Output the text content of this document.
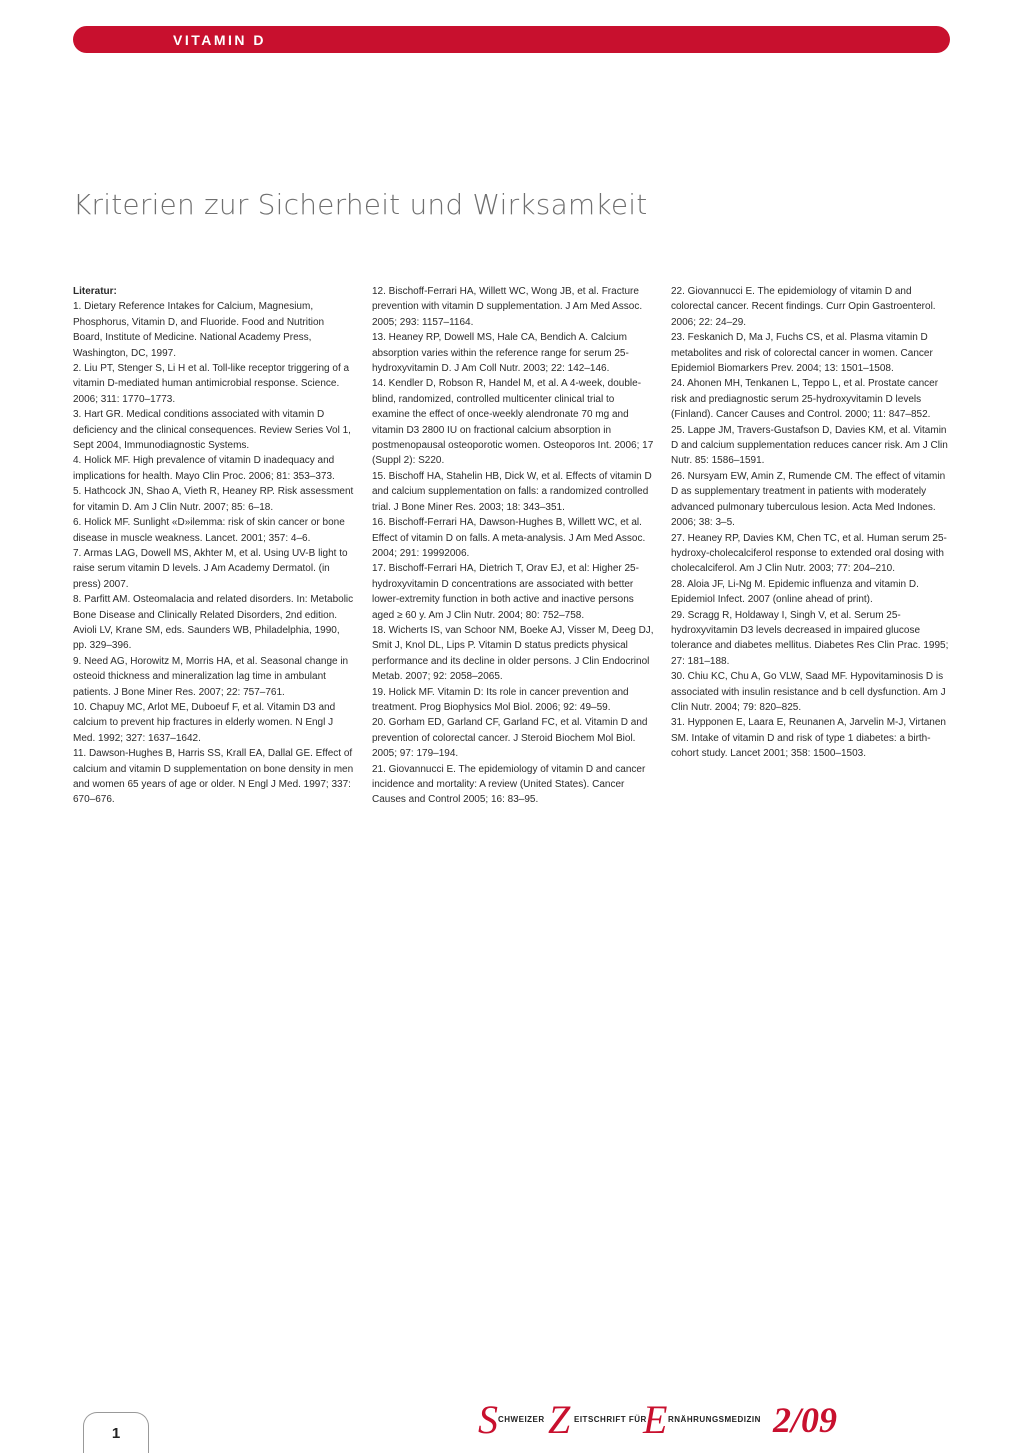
VITAMIN D
Kriterien zur Sicherheit und Wirksamkeit

Literatur:

1. Dietary Reference Intakes for Calcium, Magnesium, Phosphorus, Vitamin D, and Fluoride. Food and Nutrition Board, Institute of Medicine. National Academy Press, Washington, DC, 1997.

2. Liu PT, Stenger S, Li H et al. Toll-like receptor triggering of a vitamin D-mediated human antimicrobial response. Science. 2006; 311: 1770–1773.

3. Hart GR. Medical conditions associated with vitamin D deficiency and the clinical consequences. Review Series Vol 1, Sept 2004, Immunodiagnostic Systems.

4. Holick MF. High prevalence of vitamin D inadequacy and implications for health. Mayo Clin Proc. 2006; 81: 353–373.

5. Hathcock JN, Shao A, Vieth R, Heaney RP. Risk assessment for vitamin D. Am J Clin Nutr. 2007; 85: 6–18.

6. Holick MF. Sunlight «D»ilemma: risk of skin cancer or bone disease in muscle weakness. Lancet. 2001; 357: 4–6.

7. Armas LAG, Dowell MS, Akhter M, et al. Using UV-B light to raise serum vitamin D levels. J Am Academy Dermatol. (in press) 2007.

8. Parfitt AM. Osteomalacia and related disorders. In: Metabolic Bone Disease and Clinically Related Disorders, 2nd edition. Avioli LV, Krane SM, eds. Saunders WB, Philadelphia, 1990, pp. 329–396.

9. Need AG, Horowitz M, Morris HA, et al. Seasonal change in osteoid thickness and mineralization lag time in ambulant patients. J Bone Miner Res. 2007; 22: 757–761.

10. Chapuy MC, Arlot ME, Duboeuf F, et al. Vitamin D3 and calcium to prevent hip fractures in elderly women. N Engl J Med. 1992; 327: 1637–1642.

11. Dawson-Hughes B, Harris SS, Krall EA, Dallal GE. Effect of calcium and vitamin D supplementation on bone density in men and women 65 years of age or older. N Engl J Med. 1997; 337: 670–676.

12. Bischoff-Ferrari HA, Willett WC, Wong JB, et al. Fracture prevention with vitamin D supplementation. J Am Med Assoc. 2005; 293: 1157–1164.

13. Heaney RP, Dowell MS, Hale CA, Bendich A. Calcium absorption varies within the reference range for serum 25-hydroxyvitamin D. J Am Coll Nutr. 2003; 22: 142–146.

14. Kendler D, Robson R, Handel M, et al. A 4-week, double-blind, randomized, controlled multicenter clinical trial to examine the effect of once-weekly alendronate 70 mg and vitamin D3 2800 IU on fractional calcium absorption in postmenopausal osteoporotic women. Osteoporos Int. 2006; 17 (Suppl 2): S220.

15. Bischoff HA, Stahelin HB, Dick W, et al. Effects of vitamin D and calcium supplementation on falls: a randomized controlled trial. J Bone Miner Res. 2003; 18: 343–351.

16. Bischoff-Ferrari HA, Dawson-Hughes B, Willett WC, et al. Effect of vitamin D on falls. A meta-analysis. J Am Med Assoc. 2004; 291: 19992006.

17. Bischoff-Ferrari HA, Dietrich T, Orav EJ, et al: Higher 25-hydroxyvitamin D concentrations are associated with better lower-extremity function in both active and inactive persons aged ≥ 60 y. Am J Clin Nutr. 2004; 80: 752–758.

18. Wicherts IS, van Schoor NM, Boeke AJ, Visser M, Deeg DJ, Smit J, Knol DL, Lips P. Vitamin D status predicts physical performance and its decline in older persons. J Clin Endocrinol Metab. 2007; 92: 2058–2065.

19. Holick MF. Vitamin D: Its role in cancer prevention and treatment. Prog Biophysics Mol Biol. 2006; 92: 49–59.

20. Gorham ED, Garland CF, Garland FC, et al. Vitamin D and prevention of colorectal cancer. J Steroid Biochem Mol Biol. 2005; 97: 179–194.

21. Giovannucci E. The epidemiology of vitamin D and cancer incidence and mortality: A review (United States). Cancer Causes and Control 2005; 16: 83–95.

22. Giovannucci E. The epidemiology of vitamin D and colorectal cancer. Recent findings. Curr Opin Gastroenterol. 2006; 22: 24–29.

23. Feskanich D, Ma J, Fuchs CS, et al. Plasma vitamin D metabolites and risk of colorectal cancer in women. Cancer Epidemiol Biomarkers Prev. 2004; 13: 1501–1508.

24. Ahonen MH, Tenkanen L, Teppo L, et al. Prostate cancer risk and prediagnostic serum 25-hydroxyvitamin D levels (Finland). Cancer Causes and Control. 2000; 11: 847–852.

25. Lappe JM, Travers-Gustafson D, Davies KM, et al. Vitamin D and calcium supplementation reduces cancer risk. Am J Clin Nutr. 85: 1586–1591.

26. Nursyam EW, Amin Z, Rumende CM. The effect of vitamin D as supplementary treatment in patients with moderately advanced pulmonary tuberculous lesion. Acta Med Indones. 2006; 38: 3–5.

27. Heaney RP, Davies KM, Chen TC, et al. Human serum 25-hydroxy-cholecalciferol response to extended oral dosing with cholecalciferol. Am J Clin Nutr. 2003; 77: 204–210.

28. Aloia JF, Li-Ng M. Epidemic influenza and vitamin D. Epidemiol Infect. 2007 (online ahead of print).

29. Scragg R, Holdaway I, Singh V, et al. Serum 25-hydroxyvitamin D3 levels decreased in impaired glucose tolerance and diabetes mellitus. Diabetes Res Clin Prac. 1995; 27: 181–188.

30. Chiu KC, Chu A, Go VLW, Saad MF. Hypovitaminosis D is associated with insulin resistance and b cell dysfunction. Am J Clin Nutr. 2004; 79: 820–825.

31. Hypponen E, Laara E, Reunanen A, Jarvelin M-J, Virtanen SM. Intake of vitamin D and risk of type 1 diabetes: a birth-cohort study. Lancet 2001; 358: 1500–1503.

1	S CHWEIZER Z EITSCHRIFT FÜR
E RNÄHRUNGSMEDIZIN 2/09
